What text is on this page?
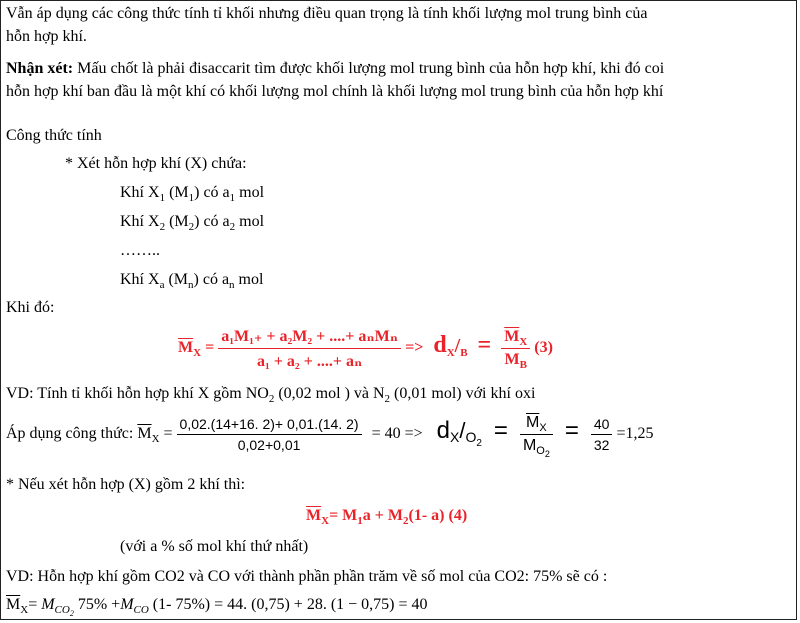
Vẫn áp dụng các công thức tính tỉ khối nhưng điều quan trọng là tính khối lượng mol trung bình của
hỗn hợp khí.
Nhận xét: Mấu chốt là phải đisaccarit tìm được khối lượng mol trung bình của hỗn hợp khí, khi đó coi
hỗn hợp khí ban đầu là một khí có khối lượng mol chính là khối lượng mol trung bình của hỗn hợp khí
Công thức tính
* Xét hỗn hợp khí (X) chứa:
Khí $X_1$ $(M_1)$ có $a_1$ mol
Khí $X_2$ $(M_2)$ có $a_2$ mol
……..
Khí $X_a$ $(M_n)$ có $a_n$ mol
Khi đó:
$\overline{M}_X = \frac{\text{a₁M₁₊ + a₂M₂ + ....+ aₙMₙ}}{\text{a₁ + a₂ + ....+ aₙ}} => d_X/_B = \frac{\overline{M}_X}{M_B} (3)$
VD: Tính tỉ khối hỗn hợp khí X gồm $NO_2$ (0,02 mol ) và $N_2$ (0,01 mol) với khí oxi
Áp dụng công thức: $\overline{M}_X = \frac{0,02.(14+16. 2)+ 0,01.(14. 2)}{0,02+0,01} = 40 => dX/O_2 = \frac{\overline{M}_X}{M_{O2}} = \frac{40}{32} =1,25$
* Nếu xét hỗn hợp (X) gồm 2 khí thì:
$\overline{M}_X= M_1a + M_2(1-$ a) (4)
(với a % số mol khí thứ nhất)
VD: Hỗn hợp khí gồm CO2 và CO với thành phần phần trăm về số mol của CO2: 75% sẽ có :
$\overline{M}_X= M_{CO2}$ $75\% +M_{CO}$ (1- 75%) = 44. (0,75) + 28. (1 − 0,75) = 40
